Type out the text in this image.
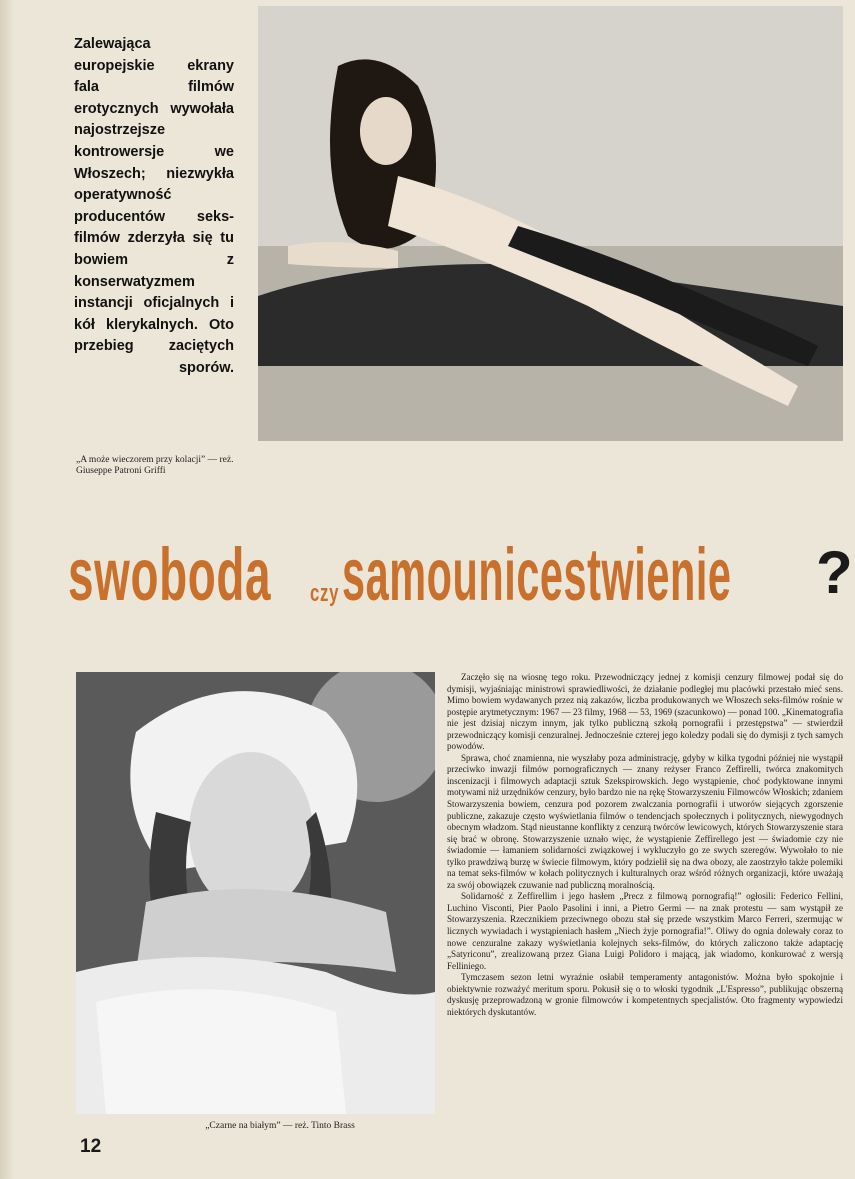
Zalewająca europejskie ekrany fala filmów erotycznych wywołała najostrzejsze kontrowersje we Włoszech; niezwykła operatywność producentów seks-filmów zderzyła się tu bowiem z konserwatyzmem instancji oficjalnych i kół klerykalnych. Oto przebieg zaciętych sporów.
„A może wieczorem przy kolacji” — reż. Giuseppe Patroni Griffi
swoboda czy samounicestwienie ?
„Czarne na białym” — reż. Tinto Brass

Zaczęło się na wiosnę tego roku. Przewodniczący jednej z komisji cenzury filmowej podał się do dymisji, wyjaśniając ministrowi sprawiedliwości, że działanie podległej mu placówki przestało mieć sens. Mimo bowiem wydawanych przez nią zakazów, liczba produkowanych we Włoszech seks-filmów rośnie w postępie arytmetycznym: 1967 — 23 filmy, 1968 — 53, 1969 (szacunkowo) — ponad 100. „Kinematografia nie jest dzisiaj niczym innym, jak tylko publiczną szkołą pornografii i przestępstwa” — stwierdził przewodniczący komisji cenzuralnej. Jednocześnie czterej jego koledzy podali się do dymisji z tych samych powodów.

Sprawa, choć znamienna, nie wyszłaby poza administrację, gdyby w kilka tygodni później nie wystąpił przeciwko inwazji filmów pornograficznych — znany reżyser Franco Zeffirelli, twórca znakomitych inscenizacji i filmowych adaptacji sztuk Szekspirowskich. Jego wystąpienie, choć podyktowane innymi motywami niż urzędników cenzury, było bardzo nie na rękę Stowarzyszeniu Filmowców Włoskich; zdaniem Stowarzyszenia bowiem, cenzura pod pozorem zwalczania pornografii i utworów siejących zgorszenie publiczne, zakazuje często wyświetlania filmów o tendencjach społecznych i politycznych, niewygodnych obecnym władzom. Stąd nieustanne konflikty z cenzurą twórców lewicowych, których Stowarzyszenie stara się brać w obronę. Stowarzyszenie uznało więc, że wystąpienie Zeffirellego jest — świadomie czy nie świadomie — łamaniem solidarności związkowej i wykluczyło go ze swych szeregów. Wywołało to nie tylko prawdziwą burzę w świecie filmowym, który podzielił się na dwa obozy, ale zaostrzyło także polemiki na temat seks-filmów w kołach politycznych i kulturalnych oraz wśród różnych organizacji, które uważają za swój obowiązek czuwanie nad publiczną moralnością.

Solidarność z Zeffirellim i jego hasłem „Precz z filmową pornografią!” ogłosili: Federico Fellini, Luchino Visconti, Pier Paolo Pasolini i inni, a Pietro Germi — na znak protestu — sam wystąpił ze Stowarzyszenia. Rzecznikiem przeciwnego obozu stał się przede wszystkim Marco Ferreri, szermując w licznych wywiadach i wystąpieniach hasłem „Niech żyje pornografia!”. Oliwy do ognia dolewały coraz to nowe cenzuralne zakazy wyświetlania kolejnych seks-filmów, do których zaliczono także adaptację „Satyriconu”, zrealizowaną przez Giana Luigi Polidoro i mającą, jak wiadomo, konkurować z wersją Felliniego.

Tymczasem sezon letni wyraźnie osłabił temperamenty antagonistów. Można było spokojnie i obiektywnie rozważyć meritum sporu. Pokusił się o to włoski tygodnik „L'Espresso”, publikując obszerną dyskusję przeprowadzoną w gronie filmowców i kompetentnych specjalistów. Oto fragmenty wypowiedzi niektórych dyskutantów.

12
